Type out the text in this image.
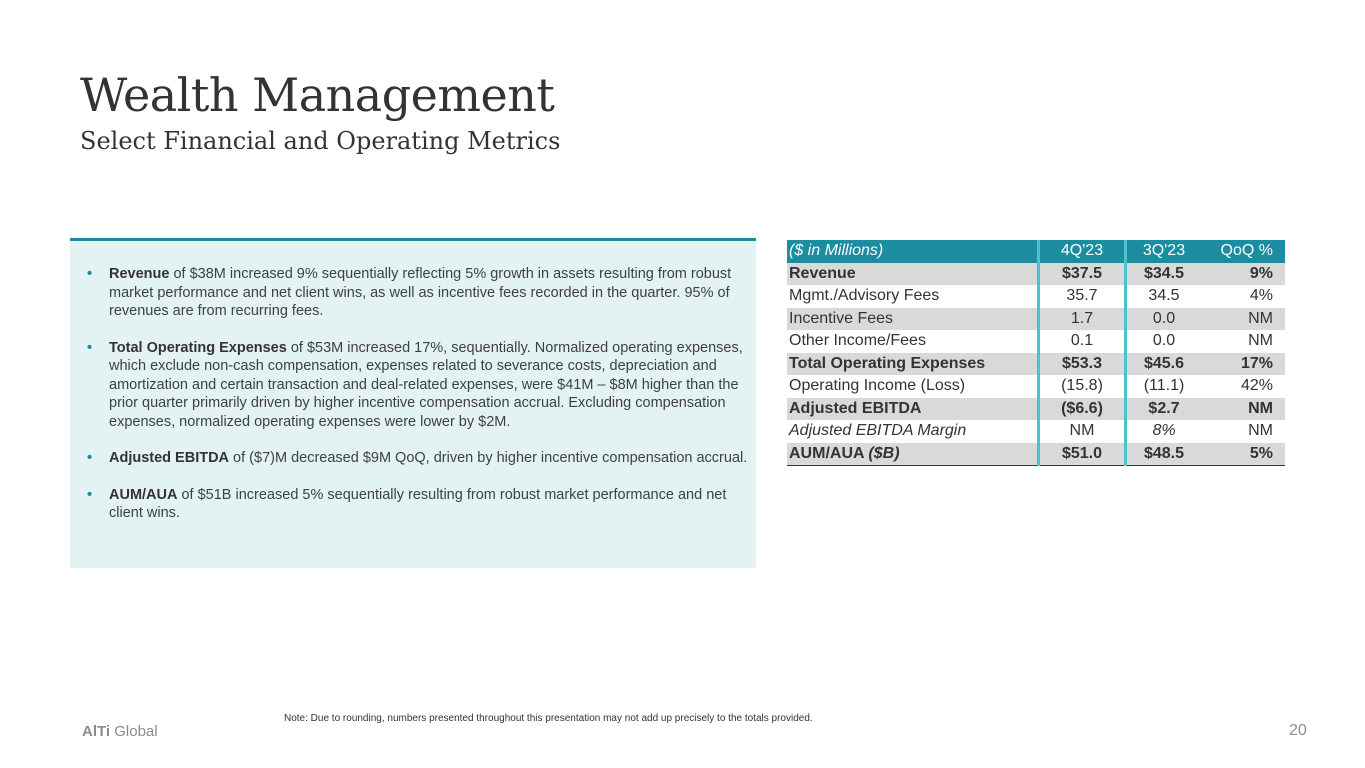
Wealth Management
Select Financial and Operating Metrics
• Revenue of $38M increased 9% sequentially reflecting 5% growth in assets resulting from robust market performance and net client wins, as well as incentive fees recorded in the quarter. 95% of revenues are from recurring fees.
• Total Operating Expenses of $53M increased 17%, sequentially. Normalized operating expenses, which exclude non-cash compensation, expenses related to severance costs, depreciation and amortization and certain transaction and deal-related expenses, were $41M – $8M higher than the prior quarter primarily driven by higher incentive compensation accrual. Excluding compensation expenses, normalized operating expenses were lower by $2M.
• Adjusted EBITDA of ($7)M decreased $9M QoQ, driven by higher incentive compensation accrual.
• AUM/AUA of $51B increased 5% sequentially resulting from robust market performance and net client wins.
($ in Millions)	4Q'23	3Q'23	QoQ %
Revenue	$37.5	$34.5	9%
Mgmt./Advisory Fees	35.7	34.5	4%
Incentive Fees	1.7	0.0	NM
Other Income/Fees	0.1	0.0	NM
Total Operating Expenses	$53.3	$45.6	17%
Operating Income (Loss)	(15.8)	(11.1)	42%
Adjusted EBITDA	($6.6)	$2.7	NM
Adjusted EBITDA Margin	NM	8%	NM
AUM/AUA ($B)	$51.0	$48.5	5%
Note: Due to rounding, numbers presented throughout this presentation may not add up precisely to the totals provided.
AlTi Global	20
